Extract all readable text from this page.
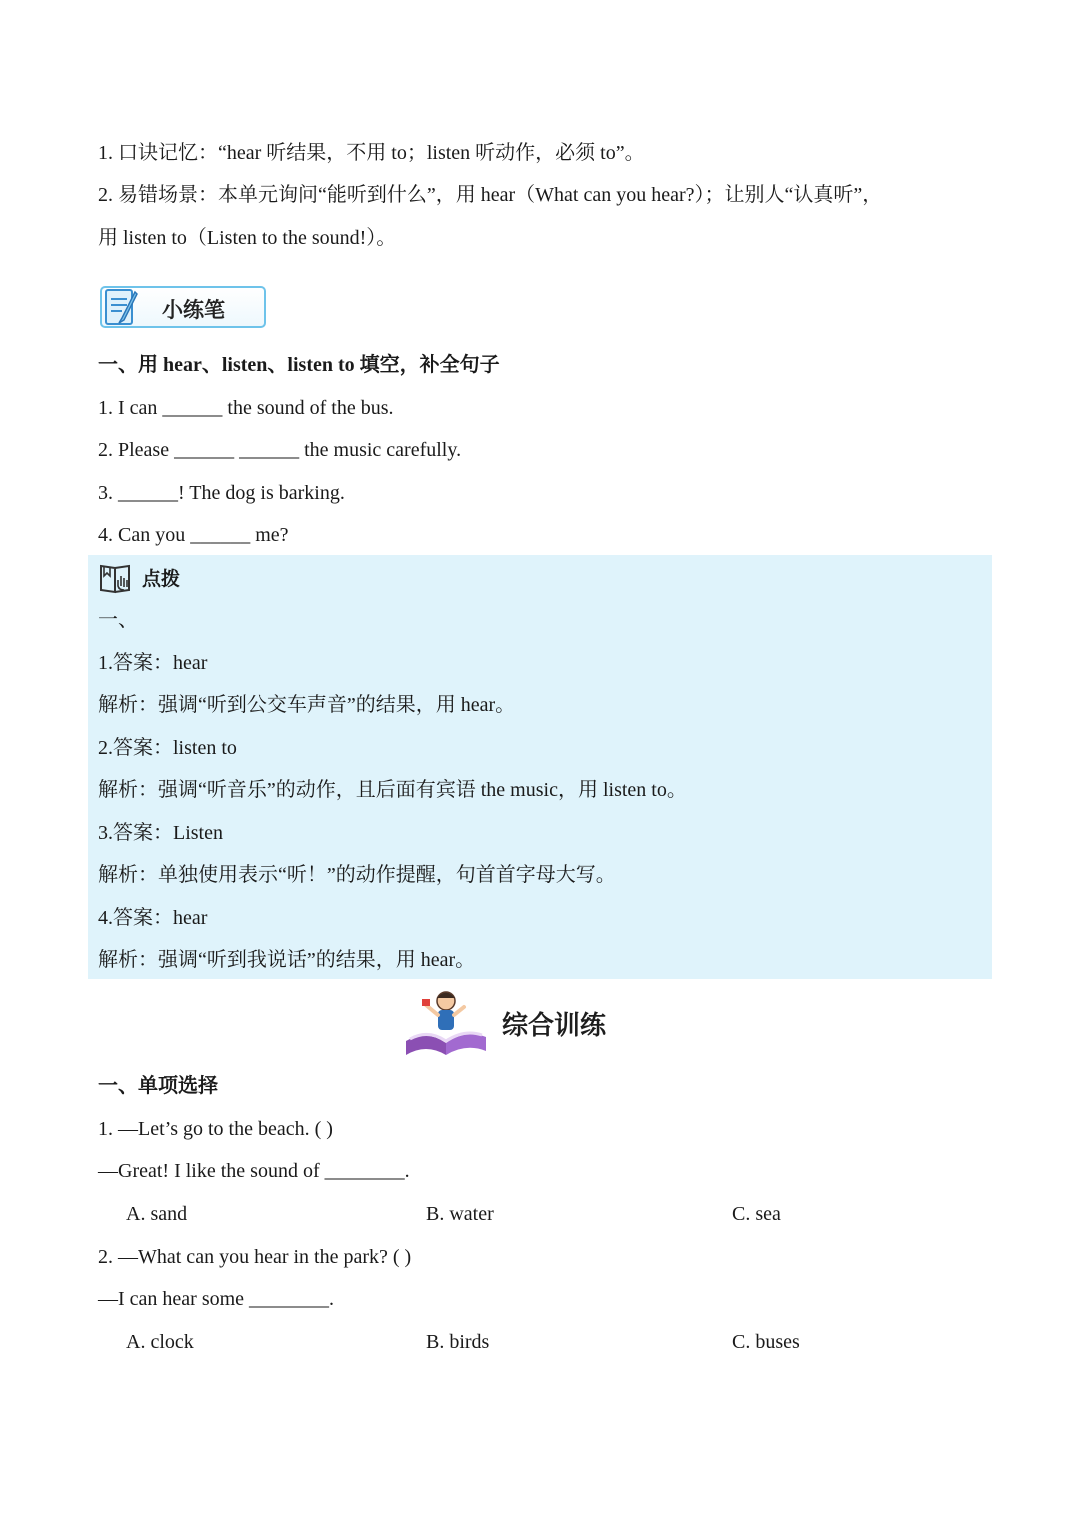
1. 口诀记忆：“hear 听结果，不用 to；listen 听动作，必须 to”。
2. 易错场景：本单元询问“能听到什么”，用 hear（What can you hear?）；让别人“认真听”，
用 listen to（Listen to the sound!）。
小练笔
一、用 hear、listen、listen to 填空，补全句子
1. I can ______ the sound of the bus.
2. Please ______ ______ the music carefully.
3. ______! The dog is barking.
4. Can you ______ me?
点拨
一、
1.答案：hear
解析：强调“听到公交车声音”的结果，用 hear。
2.答案：listen to
解析：强调“听音乐”的动作，且后面有宾语 the music，用 listen to。
3.答案：Listen
解析：单独使用表示“听！”的动作提醒，句首首字母大写。
4.答案：hear
解析：强调“听到我说话”的结果，用 hear。
综合训练
一、单项选择
1. —Let’s go to the beach. ( )
—Great! I like the sound of ________.
A. sand	B. water	C. sea
2. —What can you hear in the park? ( )
—I can hear some ________.
A. clock	B. birds	C. buses
